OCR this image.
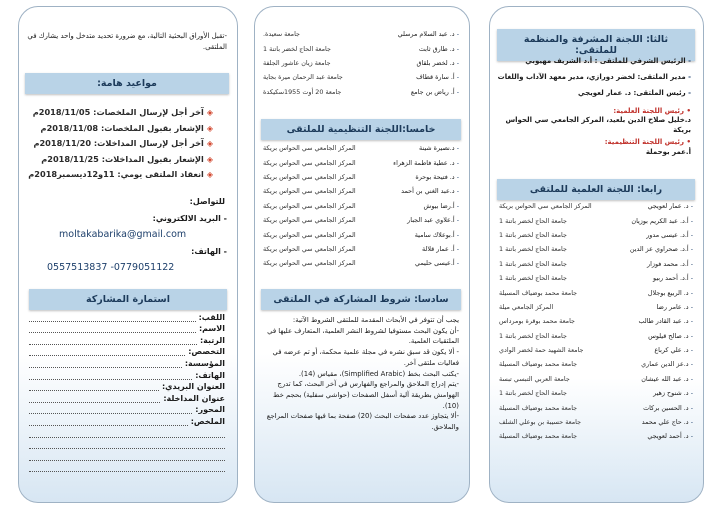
-تقبل الأوراق البحثية التالية، مع ضرورة تحديد متدخل واحد يشارك في الملتقى.
مواعيد هامة:
◈آخر أجل لإرسال الملخصات: 2018/11/05م
◈الإشعار بقبول الملخصات: 2018/11/08م
◈آخر أجل لإرسال المداخلات: 2018/11/20م
◈الإشعار بقبول المداخلات: 2018/11/25م
◈انعقاد الملتقى يومي: 11و12ديسمبر2018م
للتواصل:
- البريد الالكتروني:
moltakabarika@gmail.com
- الهاتف:
0557513837 -0779051122
استمارة المشاركة
اللقب:
الاسم:
الرتبة:
التخصص:
المؤسسة:
الهاتف:
العنوان البريدي:
عنوان المداخلة:
المحور:
الملخص:
- د. عبد السلام مرسلي
جامعة سعيدة.
- د. طارق ثابت
جامعة الحاج لخضر باتنة 1
- د. لخضر بلقاق
جامعة زيان عاشور الجلفة
- أ. سارة قطاف
جامعة عبد الرحمان ميرة بجاية
- أ. رياض بن جامع
جامعة 20 أوت 1955سكيكدة
خامسا:اللجنة التنظيمية للملتقى
- د.نصيرة شينة
المركز الجامعي سي الحواس بريكة
- د. عطية فاطمة الزهراء
المركز الجامعي سي الحواس بريكة
- د. فتيحة بوحرة
المركز الجامعي سي الحواس بريكة
- د.عبد الغني بن أحمد
المركز الجامعي سي الحواس بريكة
- أ.رضا بيوش
المركز الجامعي سي الحواس بريكة
- أ.علاوي عبد الجبار
المركز الجامعي سي الحواس بريكة
- أ.بوعلاك سامية
المركز الجامعي سي الحواس بريكة
- أ. عمار قلالة
المركز الجامعي سي الحواس بريكة
- أ.عيسى حليمي
المركز الجامعي سي الحواس بريكة
سادسا: شروط المشاركة في الملتقى
يجب أن تتوفر في الأبحاث المقدمة للملتقى الشروط الآتية:
-أن يكون البحث مستوفيا لشروط النشر العلمية، المتعارف عليها في الملتقيات العلمية.
- ألا يكون قد سبق نشره في مجلة علمية محكمة، أو تم عرضه في فعاليات ملتقى آخر.
-يكتب البحث بخط (Simplified Arabic)، مقياس (14).
-يتم إدراج الملاحق والمراجع والفهارس في آخر البحث، كما تدرج الهوامش بطريقة آلية أسفل الصفحات (حواشي سفلية) بحجم خط (10).
-ألا يتجاوز عدد صفحات البحث (20) صفحة بما فيها صفحات المراجع والملاحق.
ثالثا: اللجنة المشرفة والمنظمة للملتقى:
- الرئيس الشرفي للملتقى : أ.د الشريف مهيوبي
- مدير الملتقى: لخضر دورازي، مدير معهد الآداب واللغات
- رئيس الملتقى: د. عمار لعويجي
• رئيس اللجنة العلمية:
د.خليل صلاح الدين بلعيد، المركز الجامعي سي الحواس بريكة
• رئيس اللجنة التنظيمية:
أ.عمر بوحملة
رابعا: اللجنة العلمية للملتقى
- د. عمار لعويجي
المركز الجامعي سي الحواس بريكة
- أ.د. عبد الكريم بوزيان
جامعة الحاج لخضر باتنة 1
- أ.د. عيسى مدور
جامعة الحاج لخضر باتنة 1
- أ.د. صحراوي عز الدين
جامعة الحاج لخضر باتنة 1
- أ.د. محمد فوزار
جامعة الحاج لخضر باتنة 1
- أ.د. أحمد ربيو
جامعة الحاج لخضر باتنة 1
- د. الربيع بوجلال
جامعة محمد بوضياف المسيلة
- د. عامر رضا
المركز الجامعي ميلة
- د. عبد القادر طالب
جامعة محمد بوقرة بومرداس
- د. صالح قيلوس
جامعة الحاج لخضر باتنة 1
- د. علي كرباع
جامعة الشهيد حمة لخضر الوادي
- د.عز الدين عماري
جامعة محمد بوضياف المسيلة
- د. عبد الله عيشان
جامعة العربي التبسي تبسة
- د. شنوح زهير
جامعة الحاج لخضر باتنة 1
- د. الحسين بركات
جامعة محمد بوضياف المسيلة
- د. حاج علي محمد
جامعة حسيبة بن بوعلي الشلف
- د. أحمد لعويجي
جامعة محمد بوضياف المسيلة
